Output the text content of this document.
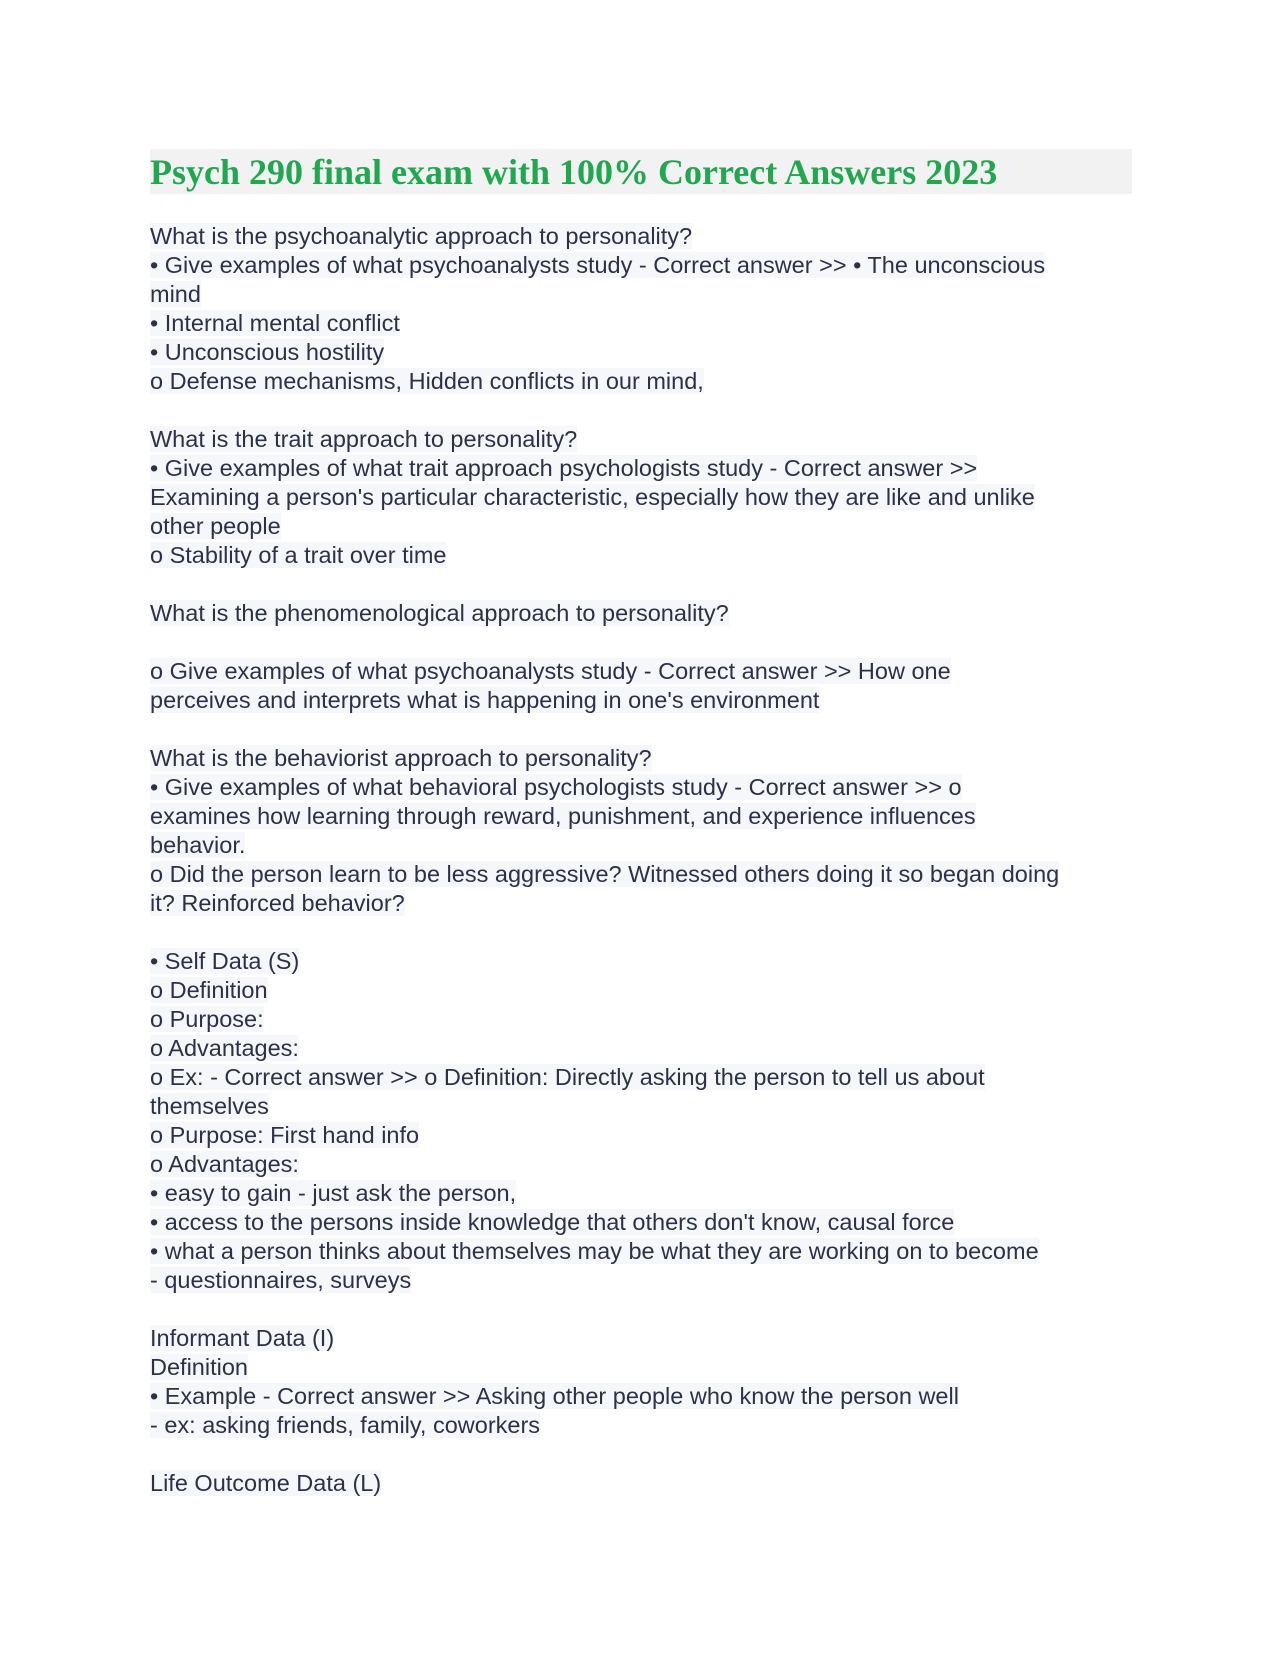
Psych 290 final exam with 100% Correct Answers 2023
What is the psychoanalytic approach to personality?
• Give examples of what psychoanalysts study - Correct answer >> • The unconscious
mind
• Internal mental conflict
• Unconscious hostility
o Defense mechanisms, Hidden conflicts in our mind,
What is the trait approach to personality?
• Give examples of what trait approach psychologists study - Correct answer >>
Examining a person's particular characteristic, especially how they are like and unlike
other people
o Stability of a trait over time
What is the phenomenological approach to personality?
o Give examples of what psychoanalysts study - Correct answer >> How one
perceives and interprets what is happening in one's environment
What is the behaviorist approach to personality?
• Give examples of what behavioral psychologists study - Correct answer >> o
examines how learning through reward, punishment, and experience influences
behavior.
o Did the person learn to be less aggressive? Witnessed others doing it so began doing
it? Reinforced behavior?
• Self Data (S)
o Definition
o Purpose:
o Advantages:
o Ex: - Correct answer >> o Definition: Directly asking the person to tell us about
themselves
o Purpose: First hand info
o Advantages:
• easy to gain - just ask the person,
• access to the persons inside knowledge that others don't know, causal force
• what a person thinks about themselves may be what they are working on to become
- questionnaires, surveys
Informant Data (I)
Definition
• Example - Correct answer >> Asking other people who know the person well
- ex: asking friends, family, coworkers
Life Outcome Data (L)
